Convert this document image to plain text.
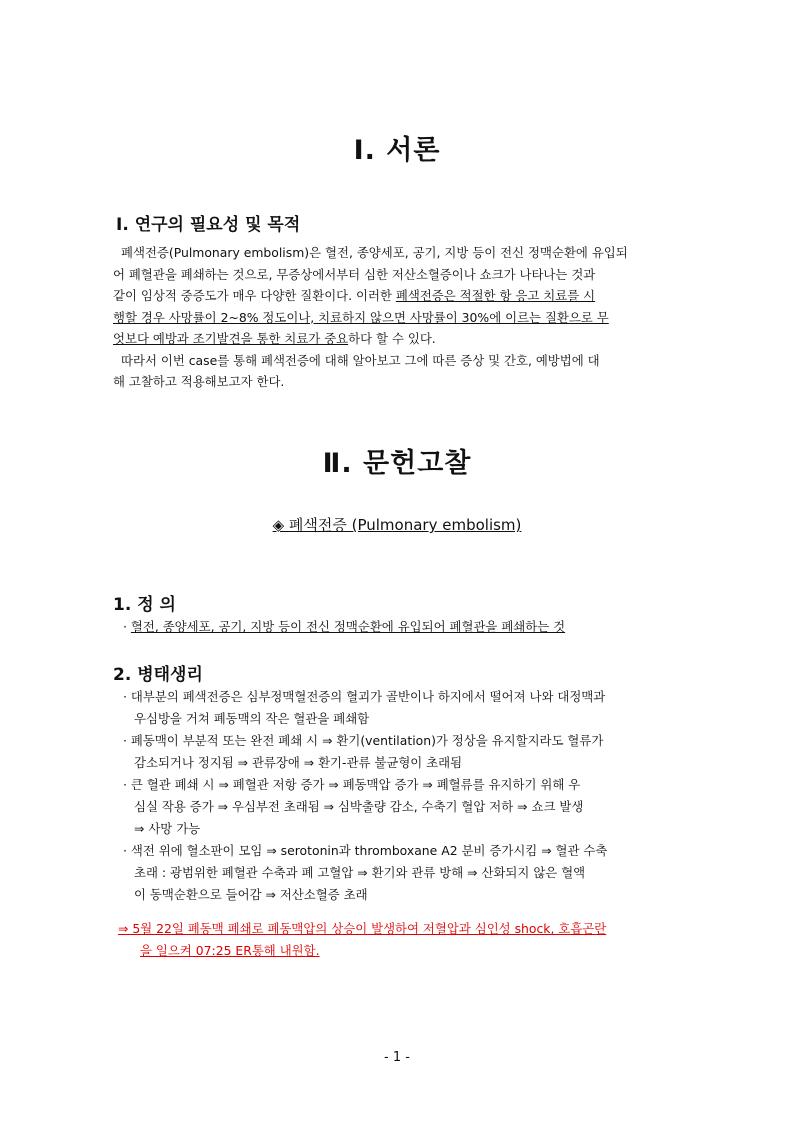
Ⅰ. 서론
Ⅰ. 연구의 필요성 및 목적
폐색전증(Pulmonary embolism)은 혈전, 종양세포, 공기, 지방 등이 전신 정맥순환에 유입되
어 폐혈관을 폐쇄하는 것으로, 무증상에서부터 심한 저산소혈증이나 쇼크가 나타나는 것과
같이 임상적 중증도가 매우 다양한 질환이다. 이러한 폐색전증은 적절한 항 응고 치료를 시
행할 경우 사망률이 2~8% 정도이나, 치료하지 않으면 사망률이 30%에 이르는 질환으로 무
엇보다 예방과 조기발견을 통한 치료가 중요하다 할 수 있다.
따라서 이번 case를 통해 폐색전증에 대해 알아보고 그에 따른 증상 및 간호, 예방법에 대
해 고찰하고 적용해보고자 한다.
Ⅱ. 문헌고찰
◈ 폐색전증 (Pulmonary embolism)
1. 정 의
· 혈전, 종양세포, 공기, 지방 등이 전신 정맥순환에 유입되어 폐혈관을 폐쇄하는 것
2. 병태생리
· 대부분의 폐색전증은 심부정맥혈전증의 혈괴가 골반이나 하지에서 떨어져 나와 대정맥과
우심방을 거쳐 폐동맥의 작은 혈관을 폐쇄함
· 폐동맥이 부분적 또는 완전 폐쇄 시 ⇒ 환기(ventilation)가 정상을 유지할지라도 혈류가
감소되거나 정지됨 ⇒ 관류장애 ⇒ 환기-관류 불균형이 초래됨
· 큰 혈관 폐쇄 시 ⇒ 폐혈관 저항 증가 ⇒ 폐동맥압 증가 ⇒ 폐혈류를 유지하기 위해 우
심실 작용 증가 ⇒ 우심부전 초래됨 ⇒ 심박출량 감소, 수축기 혈압 저하 ⇒ 쇼크 발생
⇒ 사망 가능
· 색전 위에 혈소판이 모임 ⇒ serotonin과 thromboxane A2 분비 증가시킴 ⇒ 혈관 수축
초래 : 광범위한 폐혈관 수축과 폐 고혈압 ⇒ 환기와 관류 방해 ⇒ 산화되지 않은 혈액
이 동맥순환으로 들어감 ⇒ 저산소혈증 초래
⇒ 5월 22일 폐동맥 폐쇄로 폐동맥압의 상승이 발생하여 저혈압과 심인성 shock, 호흡곤란
을 일으켜 07:25 ER통해 내원함.
- 1 -
